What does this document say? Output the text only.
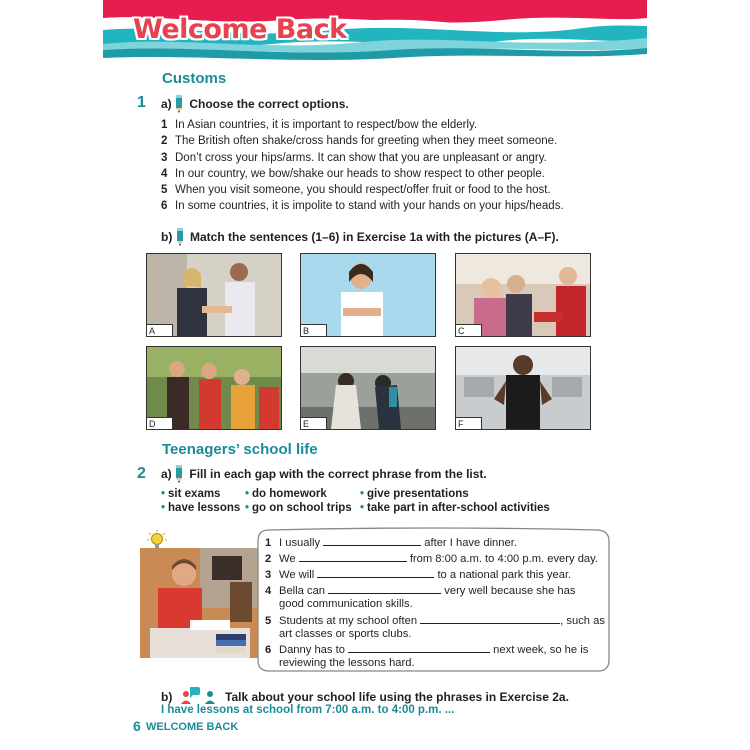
Welcome Back
Customs
1 a) Choose the correct options.
1 In Asian countries, it is important to respect/bow the elderly.
2 The British often shake/cross hands for greeting when they meet someone.
3 Don’t cross your hips/arms. It can show that you are unpleasant or angry.
4 In our country, we bow/shake our heads to show respect to other people.
5 When you visit someone, you should respect/offer fruit or food to the host.
6 In some countries, it is impolite to stand with your hands on your hips/heads.
b) Match the sentences (1–6) in Exercise 1a with the pictures (A–F).
A	B	C
D	E	F
Teenagers’ school life
2 a) Fill in each gap with the correct phrase from the list.
• sit exams • do homework	• give presentations
• have lessons • go on school trips • take part in after-school activities
1 I usually	after I have dinner.
2 We	from 8:00 a.m. to 4:00 p.m. every day.
3 We will	to a national park this year.
4 Bella can	very well because she has
good communication skills.
5 Students at my school often	, such as
art classes or sports clubs.
6 Danny has to	next week, so he is
reviewing the lessons hard.
b)	Talk about your school life using the phrases in Exercise 2a.
I have lessons at school from 7:00 a.m. to 4:00 p.m. ...
6 WELCOME BACK
